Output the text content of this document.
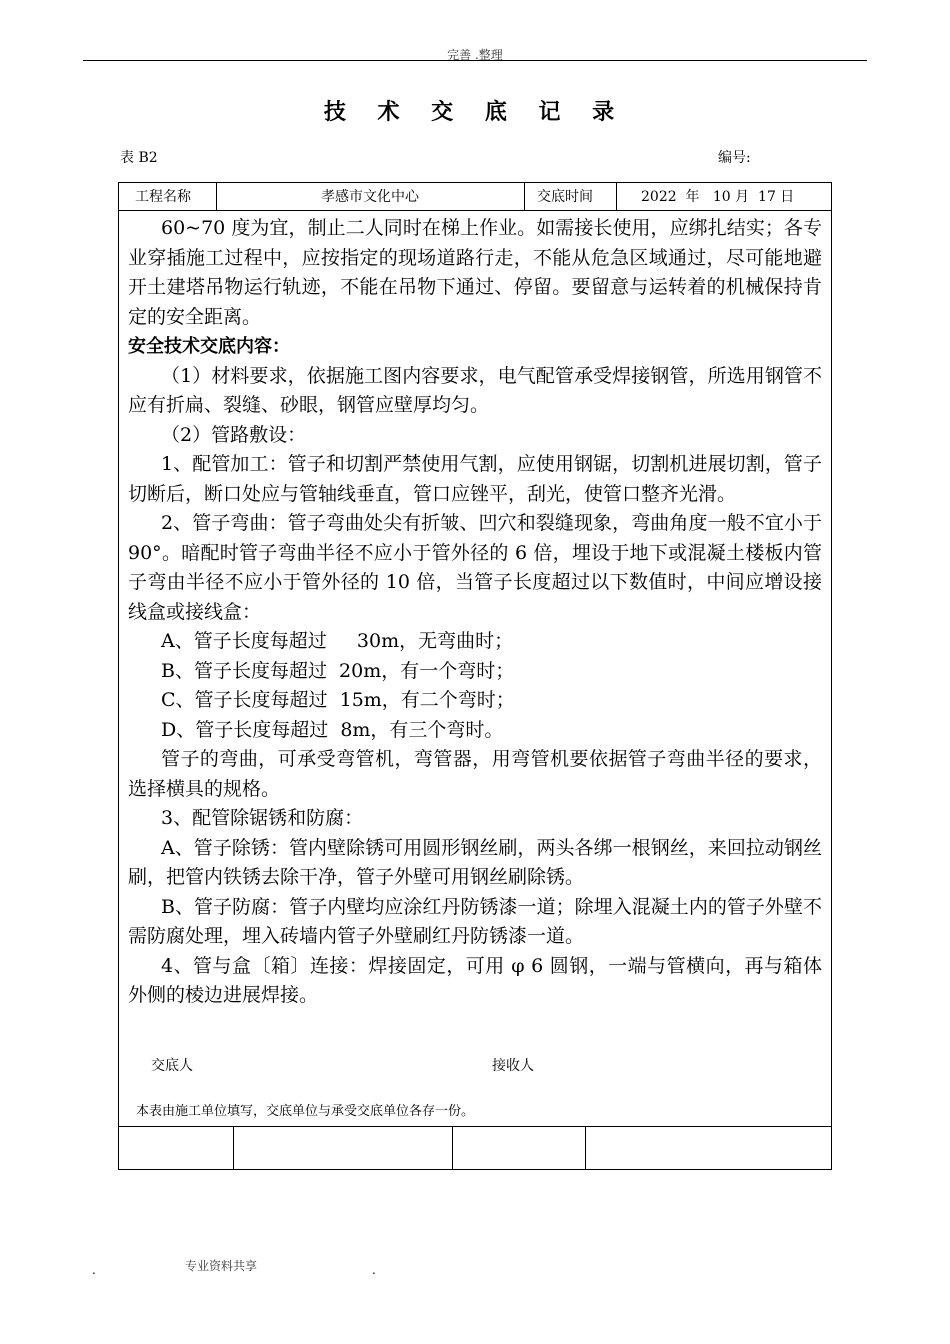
完善 .整理
技 术 交 底 记 录
表 B2	编号:
工程名称	孝感市文化中心	交底时间	2022  年   10 月  17 日

60~70 度为宜，制止二人同时在梯上作业。如需接长使用，应绑扎结实；各专业穿插施工过程中，应按指定的现场道路行走，不能从危急区域通过，尽可能地避开土建塔吊物运行轨迹，不能在吊物下通过、停留。要留意与运转着的机械保持肯定的安全距离。

安全技术交底内容：

（1）材料要求，依据施工图内容要求，电气配管承受焊接钢管，所选用钢管不应有折扁、裂缝、砂眼，钢管应壁厚均匀。

（2）管路敷设：

1、配管加工：管子和切割严禁使用气割，应使用钢锯，切割机进展切割，管子切断后，断口处应与管轴线垂直，管口应锉平，刮光，使管口整齐光滑。

2、管子弯曲：管子弯曲处尖有折皱、凹穴和裂缝现象，弯曲角度一般不宜小于 90°。暗配时管子弯曲半径不应小于管外径的 6 倍，埋设于地下或混凝土楼板内管子弯由半径不应小于管外径的 10 倍，当管子长度超过以下数值时，中间应增设接线盒或接线盒：

A、管子长度每超过     30m，无弯曲时；

B、管子长度每超过  20m，有一个弯时；

C、管子长度每超过  15m，有二个弯时；

D、管子长度每超过  8m，有三个弯时。

管子的弯曲，可承受弯管机，弯管器，用弯管机要依据管子弯曲半径的要求，选择横具的规格。

3、配管除锯锈和防腐：

A、管子除锈：管内壁除锈可用圆形钢丝刷，两头各绑一根钢丝，来回拉动钢丝刷，把管内铁锈去除干净，管子外壁可用钢丝刷除锈。

B、管子防腐：管子内壁均应涂红丹防锈漆一道；除埋入混凝土内的管子外壁不需防腐处理，埋入砖墙内管子外壁刷红丹防锈漆一道。

4、管与盒〔箱〕连接：焊接固定，可用 φ 6 圆钢，一端与管横向，再与箱体外侧的棱边进展焊接。

交底人	接收人
本表由施工单位填写，交底单位与承受交底单位各存一份。
.	专业资料共享	.
